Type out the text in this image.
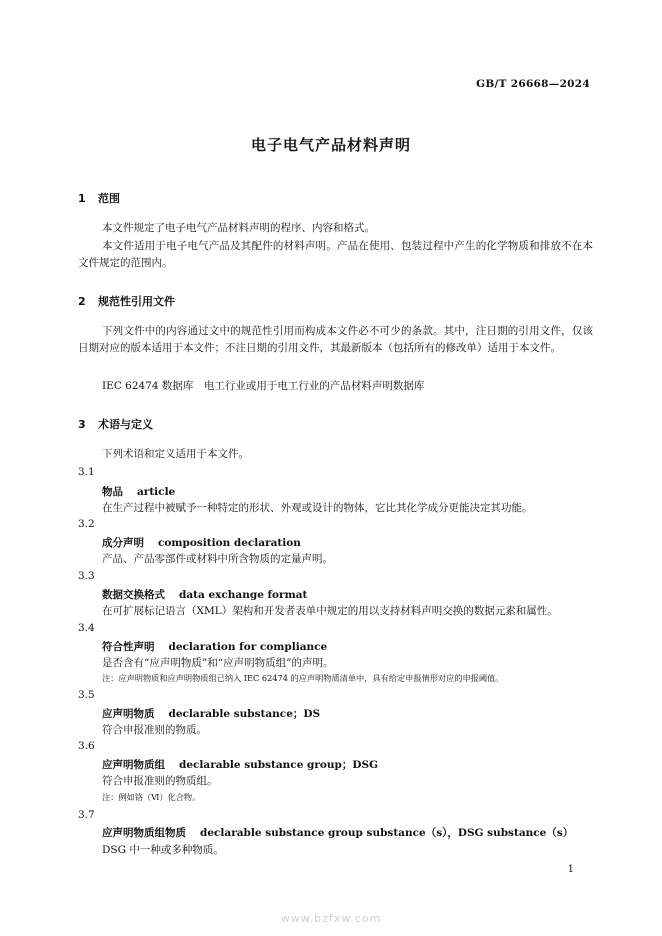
GB/T 26668—2024
电子电气产品材料声明
1 范围
本文件规定了电子电气产品材料声明的程序、内容和格式。
本文件适用于电子电气产品及其配件的材料声明。产品在使用、包装过程中产生的化学物质和排放不在本文件规定的范围内。
2 规范性引用文件
下列文件中的内容通过文中的规范性引用而构成本文件必不可少的条款。其中，注日期的引用文件，仅该日期对应的版本适用于本文件；不注日期的引用文件，其最新版本（包括所有的修改单）适用于本文件。
IEC 62474 数据库　电工行业或用于电工行业的产品材料声明数据库
3 术语与定义
下列术语和定义适用于本文件。
3.1
物品 article
在生产过程中被赋予一种特定的形状、外观或设计的物体，它比其化学成分更能决定其功能。
3.2
成分声明 composition declaration
产品、产品零部件或材料中所含物质的定量声明。
3.3
数据交换格式 data exchange format
在可扩展标记语言（XML）架构和开发者表单中规定的用以支持材料声明交换的数据元素和属性。
3.4
符合性声明 declaration for compliance
是否含有“应声明物质”和“应声明物质组”的声明。
注：应声明物质和应声明物质组已纳入 IEC 62474 的应声明物质清单中，具有给定申报情形对应的申报阈值。
3.5
应声明物质 declarable substance；DS
符合申报准则的物质。
3.6
应声明物质组 declarable substance group；DSG
符合申报准则的物质组。
注：例如铬（Ⅵ）化合物。
3.7
应声明物质组物质 declarable substance group substance（s），DSG substance（s）
DSG 中一种或多种物质。
1
www.bzfxw.com
